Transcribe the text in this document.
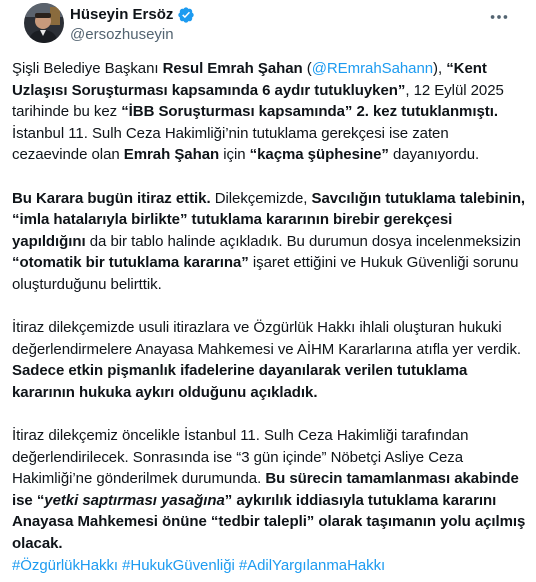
Hüseyin Ersöz
@ersozhuseyin

Şişli Belediye Başkanı Resul Emrah Şahan (@REmrahSahann), “Kent Uzlaşısı Soruşturması kapsamında 6 aydır tutukluyken”, 12 Eylül 2025 tarihinde bu kez “İBB Soruşturması kapsamında” 2. kez tutuklanmıştı. İstanbul 11. Sulh Ceza Hakimliği’nin tutuklama gerekçesi ise zaten cezaevinde olan Emrah Şahan için “kaçma şüphesine” dayanıyordu.

Bu Karara bugün itiraz ettik. Dilekçemizde, Savcılığın tutuklama talebinin, “imla hatalarıyla birlikte” tutuklama kararının birebir gerekçesi yapıldığını da bir tablo halinde açıkladık. Bu durumun dosya incelenmeksizin “otomatik bir tutuklama kararına” işaret ettiğini ve Hukuk Güvenliği sorunu oluşturduğunu belirttik.

İtiraz dilekçemizde usuli itirazlara ve Özgürlük Hakkı ihlali oluşturan hukuki değerlendirmelere Anayasa Mahkemesi ve AİHM Kararlarına atıfla yer verdik. Sadece etkin pişmanlık ifadelerine dayanılarak verilen tutuklama kararının hukuka aykırı olduğunu açıkladık.

İtiraz dilekçemiz öncelikle İstanbul 11. Sulh Ceza Hakimliği tarafından değerlendirilecek. Sonrasında ise “3 gün içinde” Nöbetçi Asliye Ceza Hakimliği’ne gönderilmek durumunda. Bu sürecin tamamlanması akabinde ise “yetki saptırması yasağına” aykırılık iddiasıyla tutuklama kararını Anayasa Mahkemesi önüne “tedbir talepli” olarak taşımanın yolu açılmış olacak.

#ÖzgürlükHakkı #HukukGüvenliği #AdilYargılanmaHakkı
